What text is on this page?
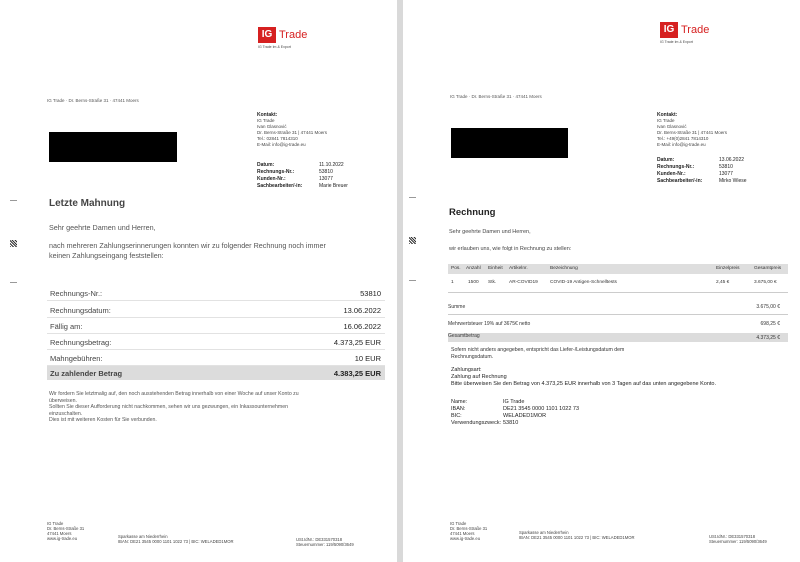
IG Trade
IG Trade Im & Export
IG Trade · Dr. Berns-Straße 31 · 47441 Moers
Kontakt:
IG Trade
Ivan Glasnović
Dr. Berns-Straße 31 | 47441 Moers
Tel.: 02841 7814310
E-Mail: info@ig-trade.eu
Datum:	11.10.2022
Rechnungs-Nr.:	53810
Kunden-Nr.:	13077
Sachbearbeiter/-in:	Marie Breuer
Letzte Mahnung
Sehr geehrte Damen und Herren,
nach mehreren Zahlungserinnerungen konnten wir zu folgender Rechnung noch immer
keinen Zahlungseingang feststellen:
Rechnungs-Nr.:	53810
Rechnungsdatum:	13.06.2022
Fällig am:	16.06.2022
Rechnungsbetrag:	4.373,25 EUR
Mahngebühren:	10 EUR
Zu zahlender Betrag	4.383,25 EUR
Wir fordern Sie letztmalig auf, den noch ausstehenden Betrag innerhalb von einer Woche auf unser Konto zu
überweisen.
Sollten Sie dieser Aufforderung nicht nachkommen, sehen wir uns gezwungen, ein Inkassounternehmen
einzuschalten.
Dies ist mit weiteren Kosten für Sie verbunden.
IG Trade
Dr. Berns-Straße 31
47441 Moers
www.ig-trade.eu	Sparkasse am Niederrhein
IBAN: DE21 3545 0000 1101 1022 73 | BIC: WELADED1MOR	USt.IdNr.: DE331570318
Steuernummer: 119/5090/3649
IG Trade
IG Trade Im & Export
IG Trade · Dr. Berns-Straße 31 · 47441 Moers
Kontakt:
IG Trade
Ivan Glasnović
Dr. Berns-Straße 31 | 47441 Moers
Tel.: +49(0)2841 7814310
E-Mail: info@ig-trade.eu
Datum:	13.06.2022
Rechnungs-Nr.:	53810
Kunden-Nr.:	13077
Sachbearbeiter/-in:	Mirko Wiese
Rechnung
Sehr geehrte Damen und Herren,
wir erlauben uns, wie folgt in Rechnung zu stellen:
Pos. Anzahl Einheit Artikelnr.	Bezeichnung	Einzelpreis	Gesamtpreis
1	1500 Stk.	AR-COVID19	COVID-19 Antigen-Schnelltests	2,45 €	3.675,00 €
Summe	3.675,00 €
Mehrwertsteuer 19% auf 3675€ netto	698,25 €
Gesamtbetrag	4.373,25 €
Sofern nicht anders angegeben, entspricht das Liefer-/Leistungsdatum dem
Rechnungsdatum.
Zahlungsart:
Zahlung auf Rechnung
Bitte überweisen Sie den Betrag von 4.373,25 EUR innerhalb von 3 Tagen auf das unten angegebene Konto.
Name:	IG Trade
IBAN:	DE21 3545 0000 1101 1022 73
BIC:	WELADED1MOR
Verwendungszweck: 53810
IG Trade
Dr. Berns-Straße 31
47441 Moers
www.ig-trade.eu
Sparkasse am Niederrhein
IBAN: DE21 3545 0000 1101 1022 73 | BIC: WELADED1MOR	USt.IdNr.: DE331570318
Steuernummer: 119/5090/3649
